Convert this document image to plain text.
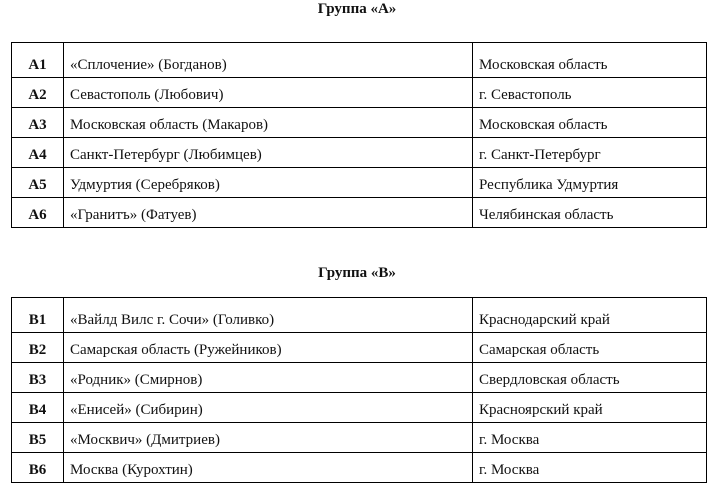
Группа «А»
А1	«Сплочение» (Богданов)	Московская область
А2	Севастополь (Любович)	г. Севастополь
А3	Московская область (Макаров)	Московская область
А4	Санкт-Петербург (Любимцев)	г. Санкт-Петербург
А5	Удмуртия (Серебряков)	Республика Удмуртия
А6	«Гранитъ» (Фатуев)	Челябинская область
Группа «В»
В1	«Вайлд Вилс г. Сочи» (Голивко)	Краснодарский край
В2	Самарская область (Ружейников)	Самарская область
В3	«Родник» (Смирнов)	Свердловская область
В4	«Енисей» (Сибирин)	Красноярский край
В5	«Москвич» (Дмитриев)	г. Москва
В6	Москва (Курохтин)	г. Москва
